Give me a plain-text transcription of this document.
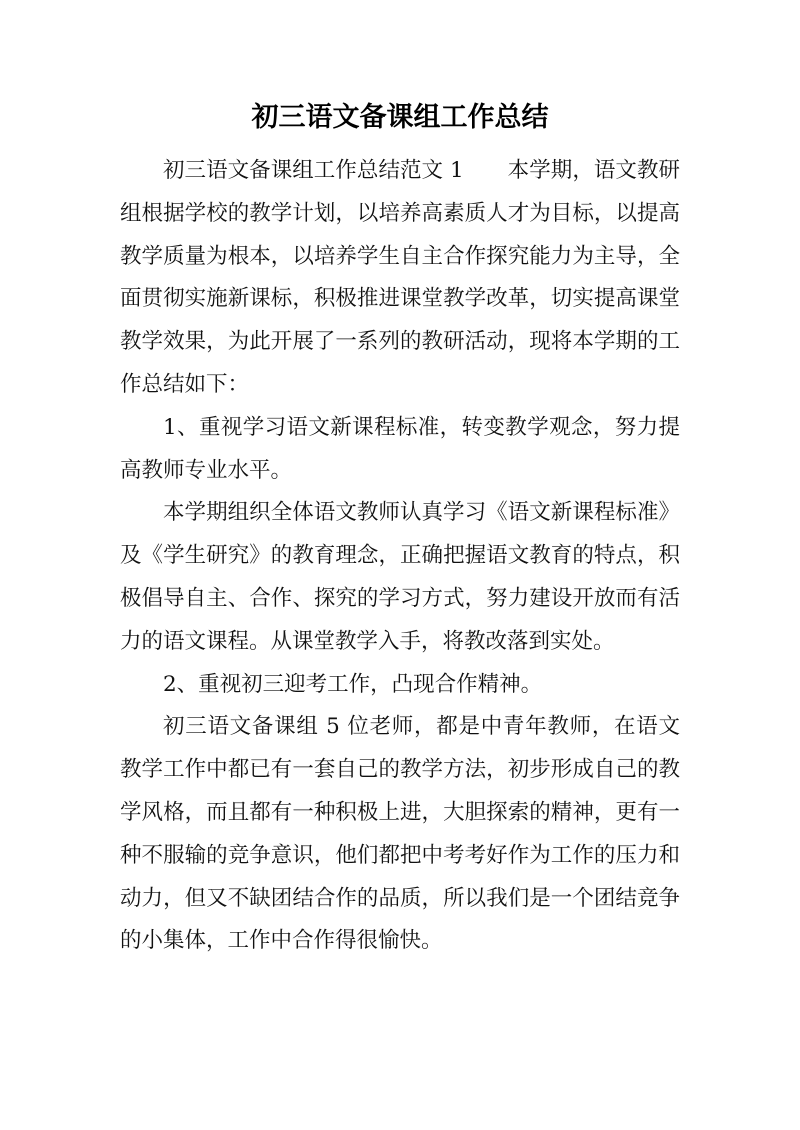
初三语文备课组工作总结

初三语文备课组工作总结范文 1 本学期，语文教研组根据学校的教学计划，以培养高素质人才为目标，以提高教学质量为根本，以培养学生自主合作探究能力为主导，全面贯彻实施新课标，积极推进课堂教学改革，切实提高课堂教学效果，为此开展了一系列的教研活动，现将本学期的工作总结如下：

1、重视学习语文新课程标准，转变教学观念，努力提高教师专业水平。

本学期组织全体语文教师认真学习《语文新课程标准》及《学生研究》的教育理念，正确把握语文教育的特点，积极倡导自主、合作、探究的学习方式，努力建设开放而有活力的语文课程。从课堂教学入手，将教改落到实处。

2、重视初三迎考工作，凸现合作精神。

初三语文备课组 5 位老师，都是中青年教师，在语文教学工作中都已有一套自己的教学方法，初步形成自己的教学风格，而且都有一种积极上进，大胆探索的精神，更有一种不服输的竞争意识，他们都把中考考好作为工作的压力和动力，但又不缺团结合作的品质，所以我们是一个团结竞争的小集体，工作中合作得很愉快。
